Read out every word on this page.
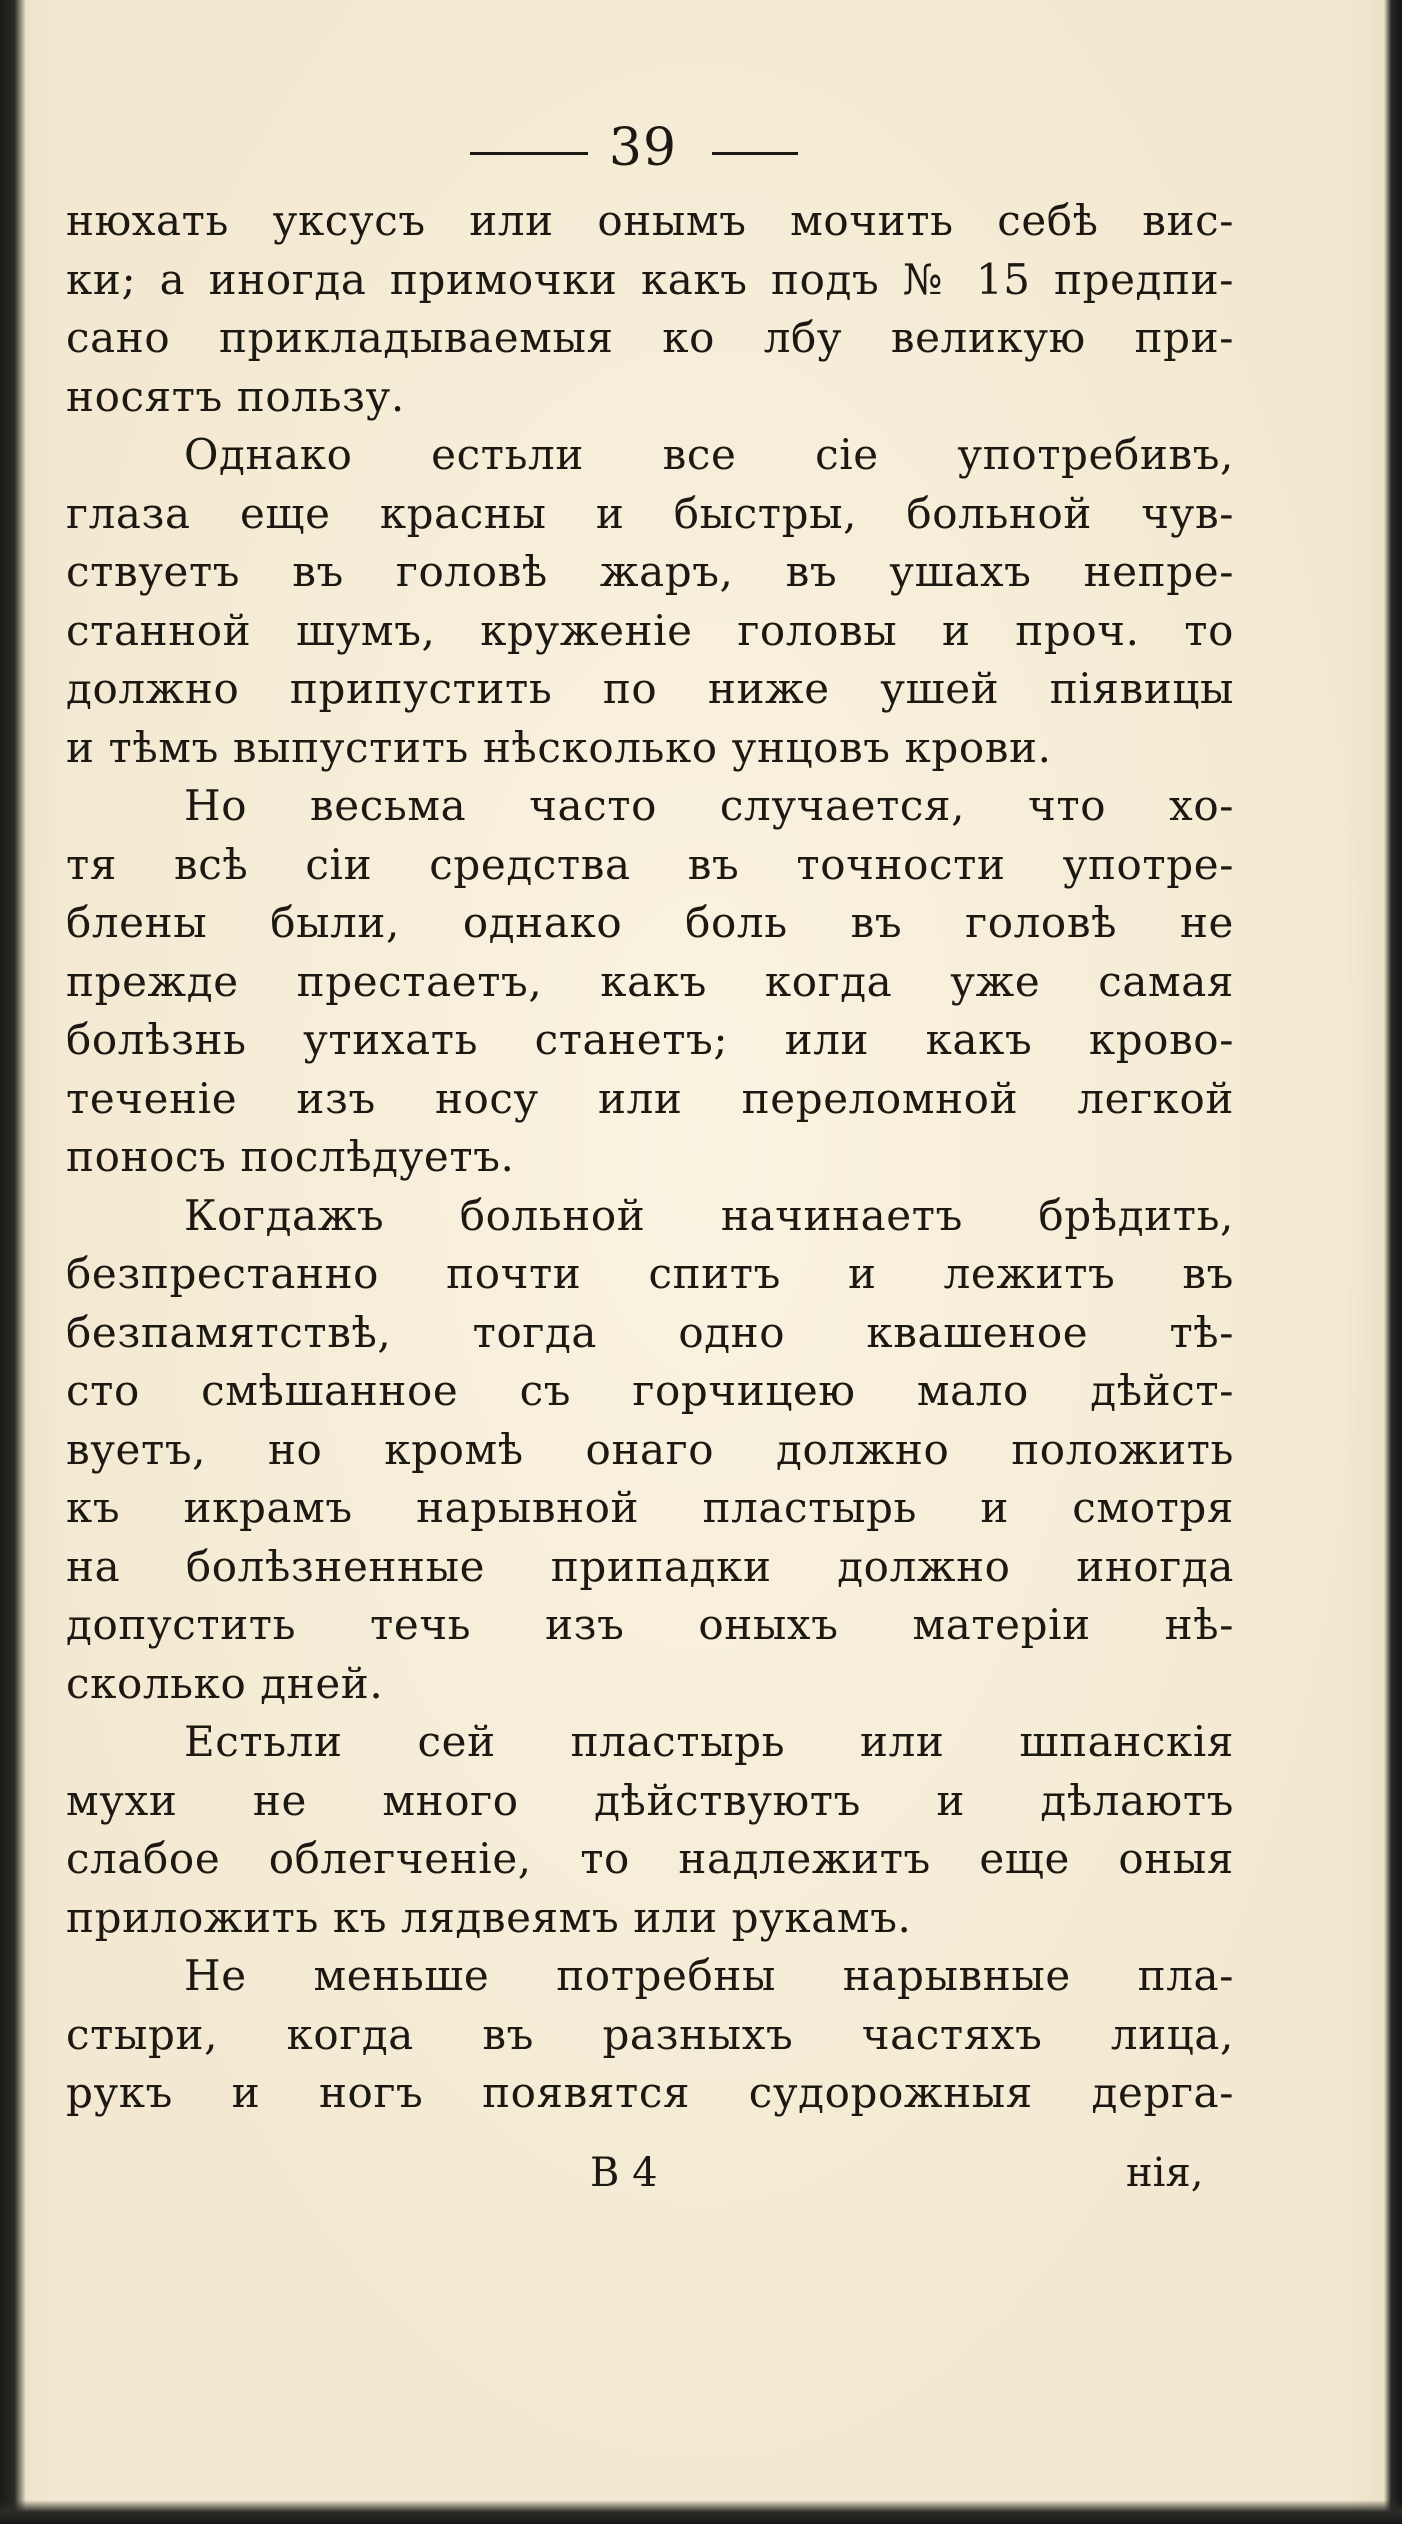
39

нюхать уксусъ или онымъ мочить себѣ вис-

ки; а иногда примочки какъ подъ № 15 предпи-

сано прикладываемыя ко лбу великую при-

носятъ пользу.

Однако естьли все сіе употребивъ,

глаза еще красны и быстры, больной чув-

ствуетъ въ головѣ жаръ, въ ушахъ непре-

станной шумъ, круженіе головы и проч. то

должно припустить по ниже ушей піявицы

и тѣмъ выпустить нѣсколько унцовъ крови.

Но весьма часто случается, что хо-

тя всѣ сіи средства въ точности употре-

блены были, однако боль въ головѣ не

прежде престаетъ, какъ когда уже самая

болѣзнь утихать станетъ; или какъ крово-

теченіе изъ носу или переломной легкой

поносъ послѣдуетъ.

Когдажъ больной начинаетъ брѣдить,

безпрестанно почти спитъ и лежитъ въ

безпамятствѣ, тогда одно квашеное тѣ-

сто смѣшанное съ горчицею мало дѣйст-

вуетъ, но кромѣ онаго должно положить

къ икрамъ нарывной пластырь и смотря

на болѣзненные припадки должно иногда

допустить течь изъ оныхъ матеріи нѣ-

сколько дней.

Естьли сей пластырь или шпанскія

мухи не много дѣйствуютъ и дѣлаютъ

слабое облегченіе, то надлежитъ еще оныя

приложить къ лядвеямъ или рукамъ.

Не меньше потребны нарывные пла-

стыри, когда въ разныхъ частяхъ лица,

рукъ и ногъ появятся судорожныя дерга-

В 4	нія,
